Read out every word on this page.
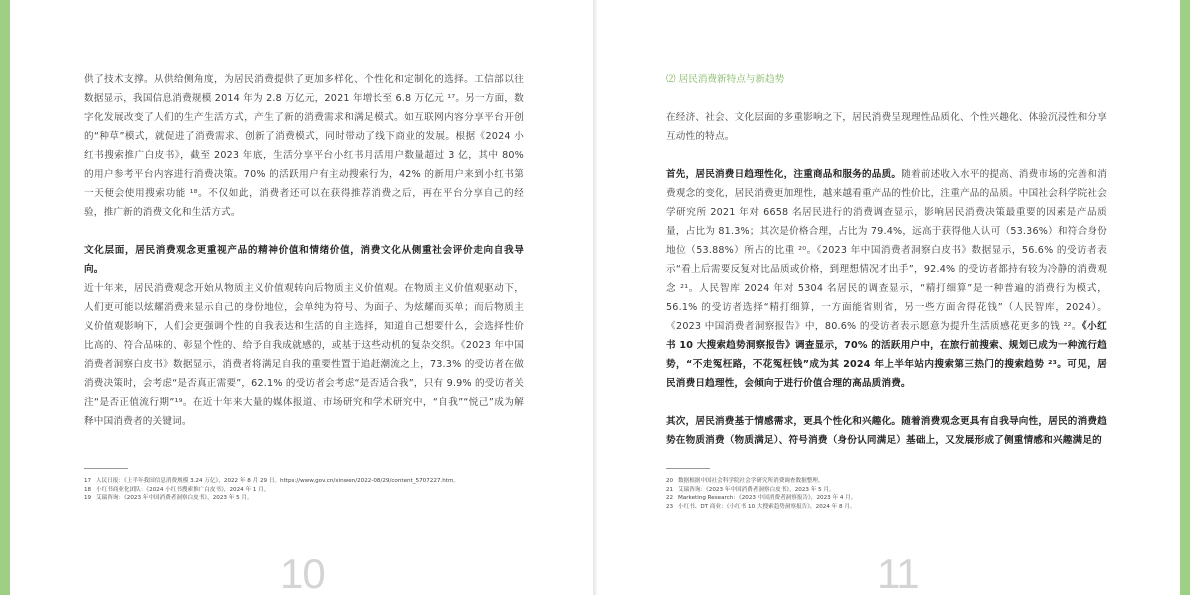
供了技术支撑。从供给侧角度，为居民消费提供了更加多样化、个性化和定制化的选择。工信部以往数据显示，我国信息消费规模 2014 年为 2.8 万亿元，2021 年增长至 6.8 万亿元 ¹⁷。另一方面，数字化发展改变了人们的生产生活方式，产生了新的消费需求和满足模式。如互联网内容分享平台开创的“种草”模式，就促进了消费需求、创新了消费模式，同时带动了线下商业的发展。根据《2024 小红书搜索推广白皮书》，截至 2023 年底，生活分享平台小红书月活用户数量超过 3 亿，其中 80% 的用户参考平台内容进行消费决策。70% 的活跃用户有主动搜索行为，42% 的新用户来到小红书第一天便会使用搜索功能 ¹⁸。不仅如此，消费者还可以在获得推荐消费之后，再在平台分享自己的经验，推广新的消费文化和生活方式。

文化层面，居民消费观念更重视产品的精神价值和情绪价值，消费文化从侧重社会评价走向自我导向。
近十年来，居民消费观念开始从物质主义价值观转向后物质主义价值观。在物质主义价值观驱动下，人们更可能以炫耀消费来显示自己的身份地位，会单纯为符号、为面子、为炫耀而买单；而后物质主义价值观影响下，人们会更强调个性的自我表达和生活的自主选择，知道自己想要什么，会选择性价比高的、符合品味的、彰显个性的、给予自我成就感的，或基于这些动机的复杂交织。《2023 年中国消费者洞察白皮书》数据显示，消费者将满足自我的重要性置于追赶潮流之上，73.3% 的受访者在做消费决策时，会考虑“是否真正需要”，62.1% 的受访者会考虑“是否适合我”，只有 9.9% 的受访者关注“是否正值流行期”¹⁹。在近十年来大量的媒体报道、市场研究和学术研究中，“自我”“悦己”成为解释中国消费者的关键词。

17 人民日报：《上半年我国信息消费规模 3.24 万亿》，2022 年 8 月 29 日。https://www.gov.cn/xinwen/2022-08/29/content_5707227.htm。
18 小红书商业化团队：《2024 小红书搜索推广白皮书》，2024 年 1 月。
19 艾瑞咨询：《2023 年中国消费者洞察白皮书》，2023 年 5 月。
10

⑵ 居民消费新特点与新趋势

在经济、社会、文化层面的多重影响之下，居民消费呈现理性品质化、个性兴趣化、体验沉浸性和分享互动性的特点。

首先，居民消费日趋理性化，注重商品和服务的品质。随着前述收入水平的提高、消费市场的完善和消费观念的变化，居民消费更加理性，越来越看重产品的性价比，注重产品的品质。中国社会科学院社会学研究所 2021 年对 6658 名居民进行的消费调查显示，影响居民消费决策最重要的因素是产品质量，占比为 81.3%；其次是价格合理，占比为 79.4%，远高于获得他人认可（53.36%）和符合身份地位（53.88%）所占的比重 ²⁰。《2023 年中国消费者洞察白皮书》数据显示，56.6% 的受访者表示“看上后需要反复对比品质或价格，到理想情况才出手”，92.4% 的受访者都持有较为冷静的消费观念 ²¹。人民智库 2024 年对 5304 名居民的调查显示，“精打细算”是一种普遍的消费行为模式，56.1% 的受访者选择“精打细算，一方面能省则省，另一些方面舍得花钱”（人民智库，2024）。《2023 中国消费者洞察报告》中，80.6% 的受访者表示愿意为提升生活质感花更多的钱 ²²。《小红书 10 大搜索趋势洞察报告》调查显示，70% 的活跃用户中，在旅行前搜索、规划已成为一种流行趋势，“不走冤枉路，不花冤枉钱”成为其 2024 年上半年站内搜索第三热门的搜索趋势 ²³。可见，居民消费日趋理性，会倾向于进行价值合理的高品质消费。

其次，居民消费基于情感需求，更具个性化和兴趣化。随着消费观念更具有自我导向性，居民的消费趋势在物质消费（物质满足）、符号消费（身份认同满足）基础上，又发展形成了侧重情感和兴趣满足的

20 数据根据中国社会科学院社会学研究所消费调查数据整理。
21 艾瑞咨询：《2023 年中国消费者洞察白皮书》，2023 年 5 月。
22 Marketing Research：《2023 中国消费者洞察报告》，2023 年 4 月。
23 小红书、DT 商业：《小红书 10 大搜索趋势洞察报告》，2024 年 8 月。
11
